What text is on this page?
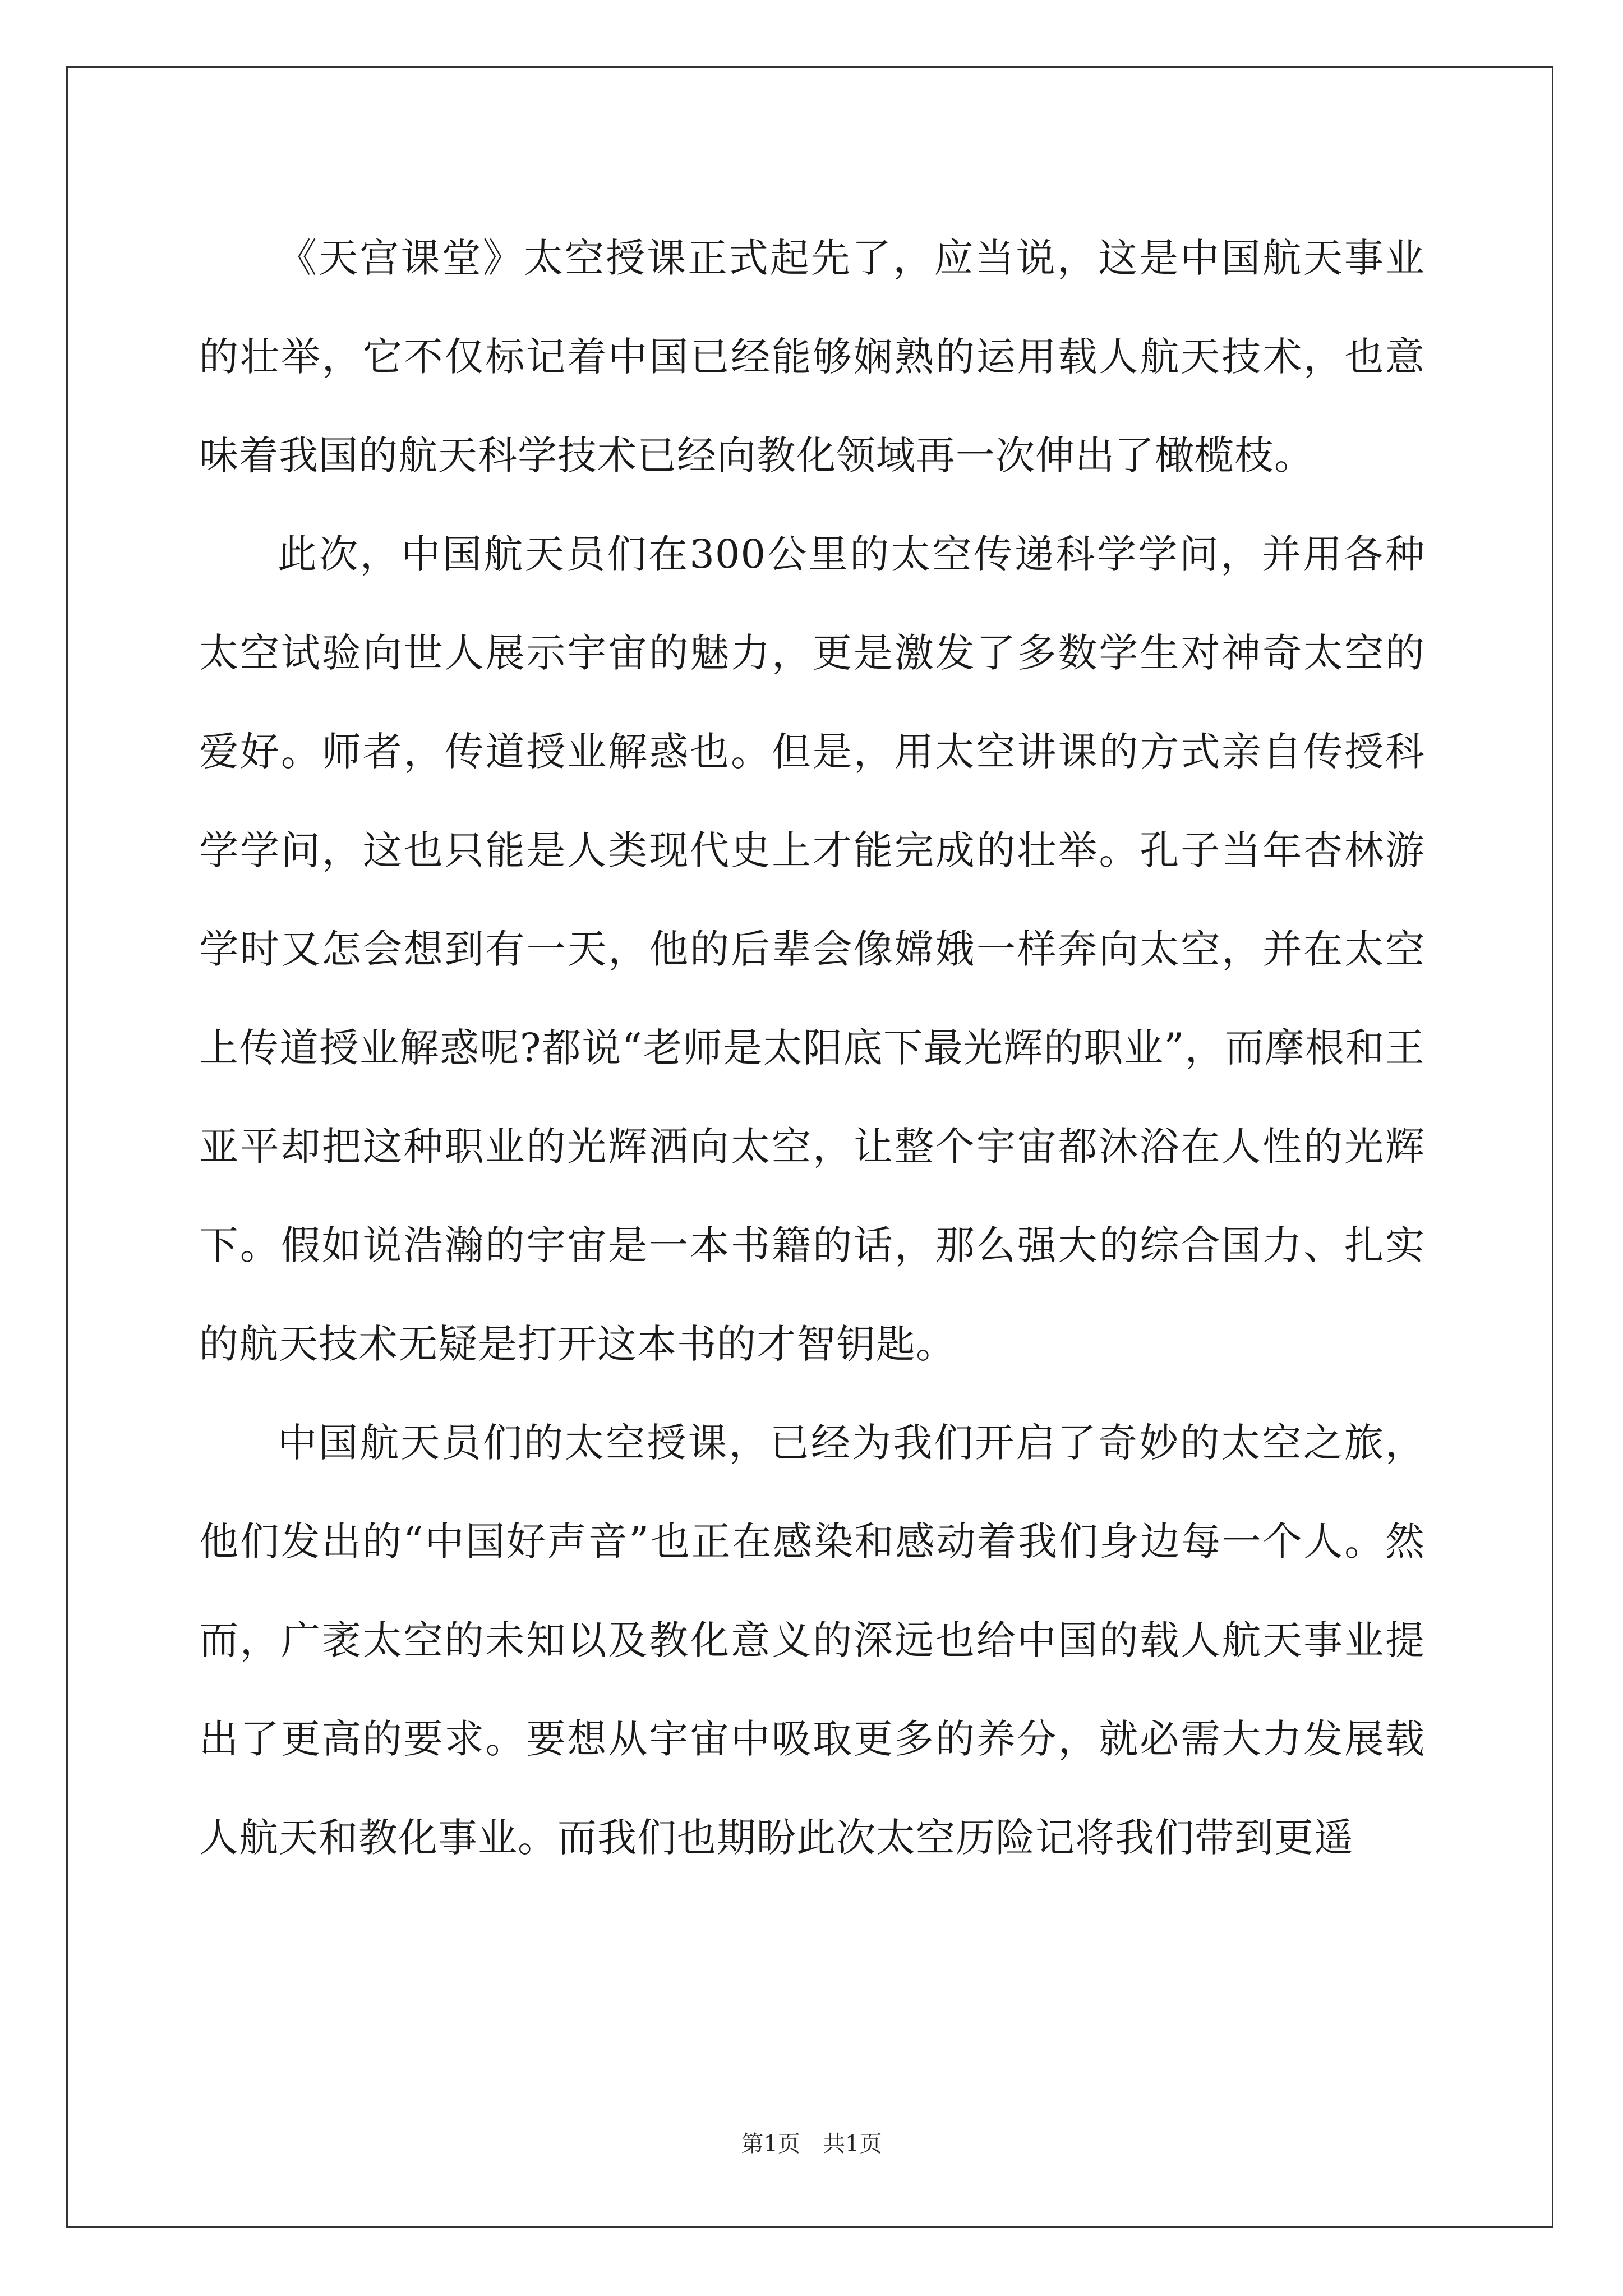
《天宫课堂》太空授课正式起先了，应当说，这是中国航天事业的壮举，它不仅标记着中国已经能够娴熟的运用载人航天技术，也意味着我国的航天科学技术已经向教化领域再一次伸出了橄榄枝。

此次，中国航天员们在300公里的太空传递科学学问，并用各种太空试验向世人展示宇宙的魅力，更是激发了多数学生对神奇太空的爱好。师者，传道授业解惑也。但是，用太空讲课的方式亲自传授科学学问，这也只能是人类现代史上才能完成的壮举。孔子当年杏林游学时又怎会想到有一天，他的后辈会像嫦娥一样奔向太空，并在太空上传道授业解惑呢?都说“老师是太阳底下最光辉的职业”，而摩根和王亚平却把这种职业的光辉洒向太空，让整个宇宙都沐浴在人性的光辉下。假如说浩瀚的宇宙是一本书籍的话，那么强大的综合国力、扎实的航天技术无疑是打开这本书的才智钥匙。

中国航天员们的太空授课，已经为我们开启了奇妙的太空之旅，他们发出的“中国好声音”也正在感染和感动着我们身边每一个人。然而，广袤太空的未知以及教化意义的深远也给中国的载人航天事业提出了更高的要求。要想从宇宙中吸取更多的养分，就必需大力发展载人航天和教化事业。而我们也期盼此次太空历险记将我们带到更遥

第1页 共1页
